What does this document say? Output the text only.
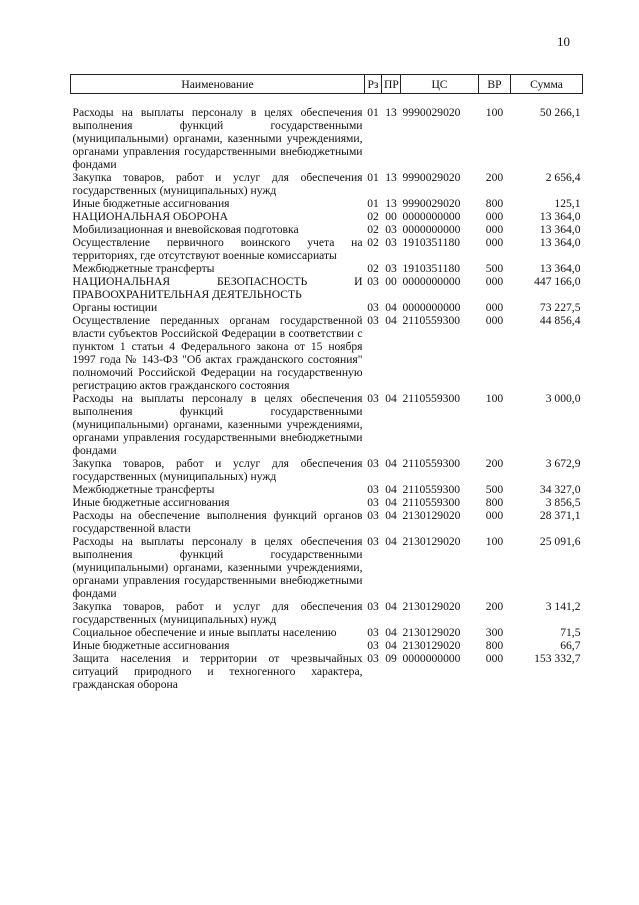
10
Наименование	Рз	ПР	ЦС	ВР	Сумма
Расходы на выплаты персоналу в целях обеспечения выполнения функций государственными (муниципальными) органами, казенными учреждениями, органами управления государственными внебюджетными фондами	01	13	9990029020	100	50 266,1
Закупка товаров, работ и услуг для обеспечения государственных (муниципальных) нужд	01	13	9990029020	200	2 656,4
Иные бюджетные ассигнования	01	13	9990029020	800	125,1
НАЦИОНАЛЬНАЯ ОБОРОНА	02	00	0000000000	000	13 364,0
Мобилизационная и вневойсковая подготовка	02	03	0000000000	000	13 364,0
Осуществление первичного воинского учета на территориях, где отсутствуют военные комиссариаты	02	03	1910351180	000	13 364,0
Межбюджетные трансферты	02	03	1910351180	500	13 364,0
НАЦИОНАЛЬНАЯ БЕЗОПАСНОСТЬ И ПРАВООХРАНИТЕЛЬНАЯ ДЕЯТЕЛЬНОСТЬ	03	00	0000000000	000	447 166,0
Органы юстиции	03	04	0000000000	000	73 227,5
Осуществление переданных органам государственной власти субъектов Российской Федерации в соответствии с пунктом 1 статьи 4 Федерального закона от 15 ноября 1997 года № 143-ФЗ "Об актах гражданского состояния" полномочий Российской Федерации на государственную регистрацию актов гражданского состояния	03	04	2110559300	000	44 856,4
Расходы на выплаты персоналу в целях обеспечения выполнения функций государственными (муниципальными) органами, казенными учреждениями, органами управления государственными внебюджетными фондами	03	04	2110559300	100	3 000,0
Закупка товаров, работ и услуг для обеспечения государственных (муниципальных) нужд	03	04	2110559300	200	3 672,9
Межбюджетные трансферты	03	04	2110559300	500	34 327,0
Иные бюджетные ассигнования	03	04	2110559300	800	3 856,5
Расходы на обеспечение выполнения функций органов государственной власти	03	04	2130129020	000	28 371,1
Расходы на выплаты персоналу в целях обеспечения выполнения функций государственными (муниципальными) органами, казенными учреждениями, органами управления государственными внебюджетными фондами	03	04	2130129020	100	25 091,6
Закупка товаров, работ и услуг для обеспечения государственных (муниципальных) нужд	03	04	2130129020	200	3 141,2
Социальное обеспечение и иные выплаты населению	03	04	2130129020	300	71,5
Иные бюджетные ассигнования	03	04	2130129020	800	66,7
Защита населения и территории от чрезвычайных ситуаций природного и техногенного характера, гражданская оборона	03	09	0000000000	000	153 332,7
